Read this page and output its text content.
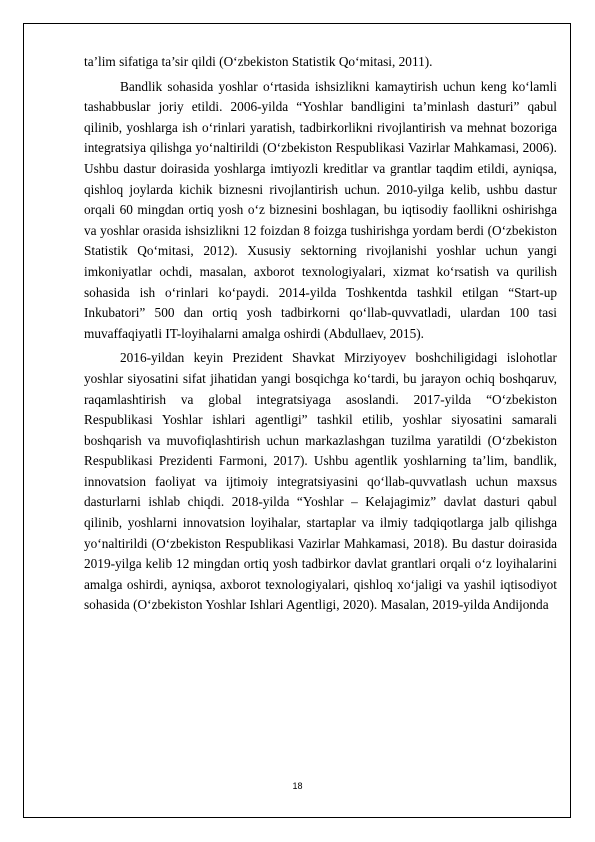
ta’lim sifatiga ta’sir qildi (O‘zbekiston Statistik Qo‘mitasi, 2011).

Bandlik sohasida yoshlar o‘rtasida ishsizlikni kamaytirish uchun keng ko‘lamli tashabbuslar joriy etildi. 2006-yilda “Yoshlar bandligini ta’minlash dasturi” qabul qilinib, yoshlarga ish o‘rinlari yaratish, tadbirkorlikni rivojlantirish va mehnat bozoriga integratsiya qilishga yo‘naltirildi (O‘zbekiston Respublikasi Vazirlar Mahkamasi, 2006). Ushbu dastur doirasida yoshlarga imtiyozli kreditlar va grantlar taqdim etildi, ayniqsa, qishloq joylarda kichik biznesni rivojlantirish uchun. 2010-yilga kelib, ushbu dastur orqali 60 mingdan ortiq yosh o‘z biznesini boshlagan, bu iqtisodiy faollikni oshirishga va yoshlar orasida ishsizlikni 12 foizdan 8 foizga tushirishga yordam berdi (O‘zbekiston Statistik Qo‘mitasi, 2012). Xususiy sektorning rivojlanishi yoshlar uchun yangi imkoniyatlar ochdi, masalan, axborot texnologiyalari, xizmat ko‘rsatish va qurilish sohasida ish o‘rinlari ko‘paydi. 2014-yilda Toshkentda tashkil etilgan “Start-up Inkubatori” 500 dan ortiq yosh tadbirkorni qo‘llab-quvvatladi, ulardan 100 tasi muvaffaqiyatli IT-loyihalarni amalga oshirdi (Abdullaev, 2015).

2016-yildan keyin Prezident Shavkat Mirziyoyev boshchiligidagi islohotlar yoshlar siyosatini sifat jihatidan yangi bosqichga ko‘tardi, bu jarayon ochiq boshqaruv, raqamlashtirish va global integratsiyaga asoslandi. 2017-yilda “O‘zbekiston Respublikasi Yoshlar ishlari agentligi” tashkil etilib, yoshlar siyosatini samarali boshqarish va muvofiqlashtirish uchun markazlashgan tuzilma yaratildi (O‘zbekiston Respublikasi Prezidenti Farmoni, 2017). Ushbu agentlik yoshlarning ta’lim, bandlik, innovatsion faoliyat va ijtimoiy integratsiyasini qo‘llab-quvvatlash uchun maxsus dasturlarni ishlab chiqdi. 2018-yilda “Yoshlar – Kelajagimiz” davlat dasturi qabul qilinib, yoshlarni innovatsion loyihalar, startaplar va ilmiy tadqiqotlarga jalb qilishga yo‘naltirildi (O‘zbekiston Respublikasi Vazirlar Mahkamasi, 2018). Bu dastur doirasida 2019-yilga kelib 12 mingdan ortiq yosh tadbirkor davlat grantlari orqali o‘z loyihalarini amalga oshirdi, ayniqsa, axborot texnologiyalari, qishloq xo‘jaligi va yashil iqtisodiyot sohasida (O‘zbekiston Yoshlar Ishlari Agentligi, 2020). Masalan, 2019-yilda Andijonda

18
